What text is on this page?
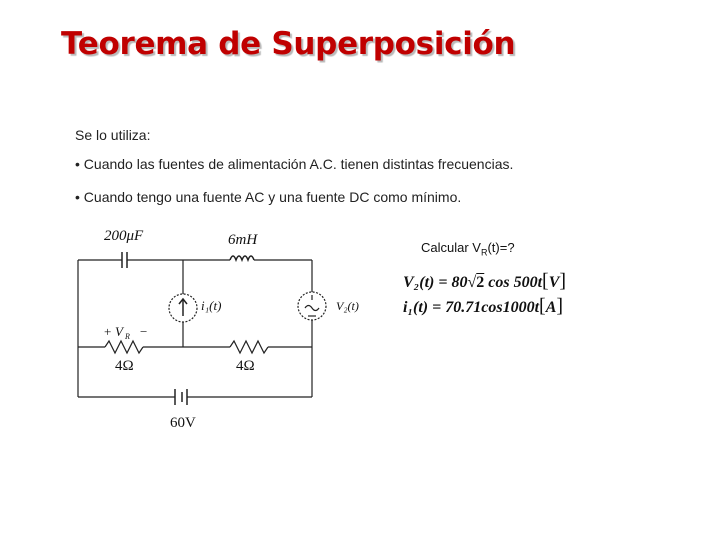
Teorema de Superposición
Se lo utiliza:
• Cuando las fuentes de alimentación A.C. tienen distintas frecuencias.
• Cuando tengo una fuente AC y una fuente DC como mínimo.
200μF	6mH
i₁(t)	V₂(t)
+ V R −
4Ω	4Ω
60V
Calcular $V_R(t)=$?
V₂(t) = 80√2 cos 500t[V]
i₁(t) = 70.71cos1000t[A]
